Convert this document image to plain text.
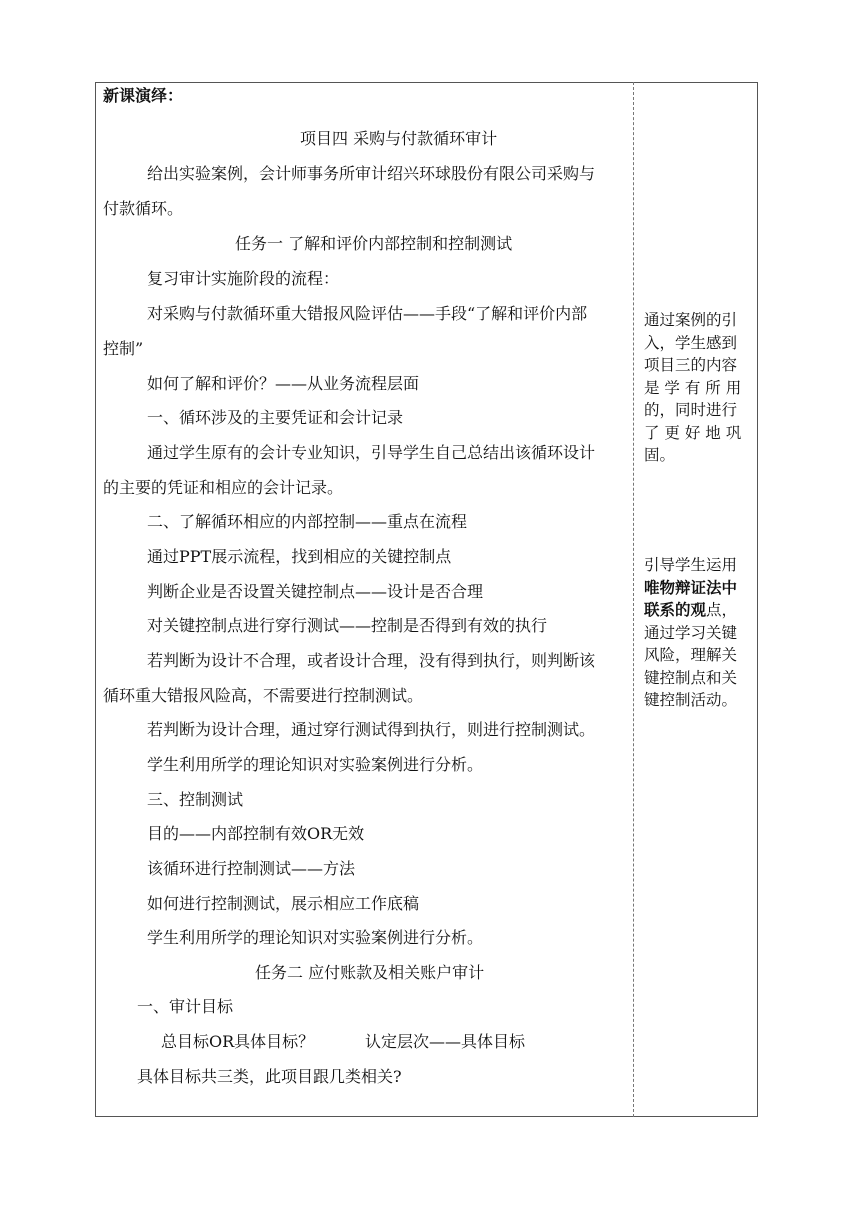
新课演绎：
项目四 采购与付款循环审计
给出实验案例，会计师事务所审计绍兴环球股份有限公司采购与
付款循环。
任务一 了解和评价内部控制和控制测试
复习审计实施阶段的流程：
对采购与付款循环重大错报风险评估——手段“了解和评价内部
控制”
如何了解和评价？——从业务流程层面
一、循环涉及的主要凭证和会计记录
通过学生原有的会计专业知识，引导学生自己总结出该循环设计
的主要的凭证和相应的会计记录。
二、了解循环相应的内部控制——重点在流程
通过PPT展示流程，找到相应的关键控制点
判断企业是否设置关键控制点——设计是否合理
对关键控制点进行穿行测试——控制是否得到有效的执行
若判断为设计不合理，或者设计合理，没有得到执行，则判断该
循环重大错报风险高，不需要进行控制测试。
若判断为设计合理，通过穿行测试得到执行，则进行控制测试。
学生利用所学的理论知识对实验案例进行分析。
三、控制测试
目的——内部控制有效OR无效
该循环进行控制测试——方法
如何进行控制测试，展示相应工作底稿
学生利用所学的理论知识对实验案例进行分析。
任务二 应付账款及相关账户审计
一、审计目标
总目标OR具体目标？	认定层次——具体目标
具体目标共三类，此项目跟几类相关?
通过案例的引
入，学生感到
项目三的内容
是 学 有 所 用
的，同时进行
了 更 好 地 巩
固。
引导学生运用
唯物辩证法中
联系的观点，
通过学习关键
风险，理解关
键控制点和关
键控制活动。
